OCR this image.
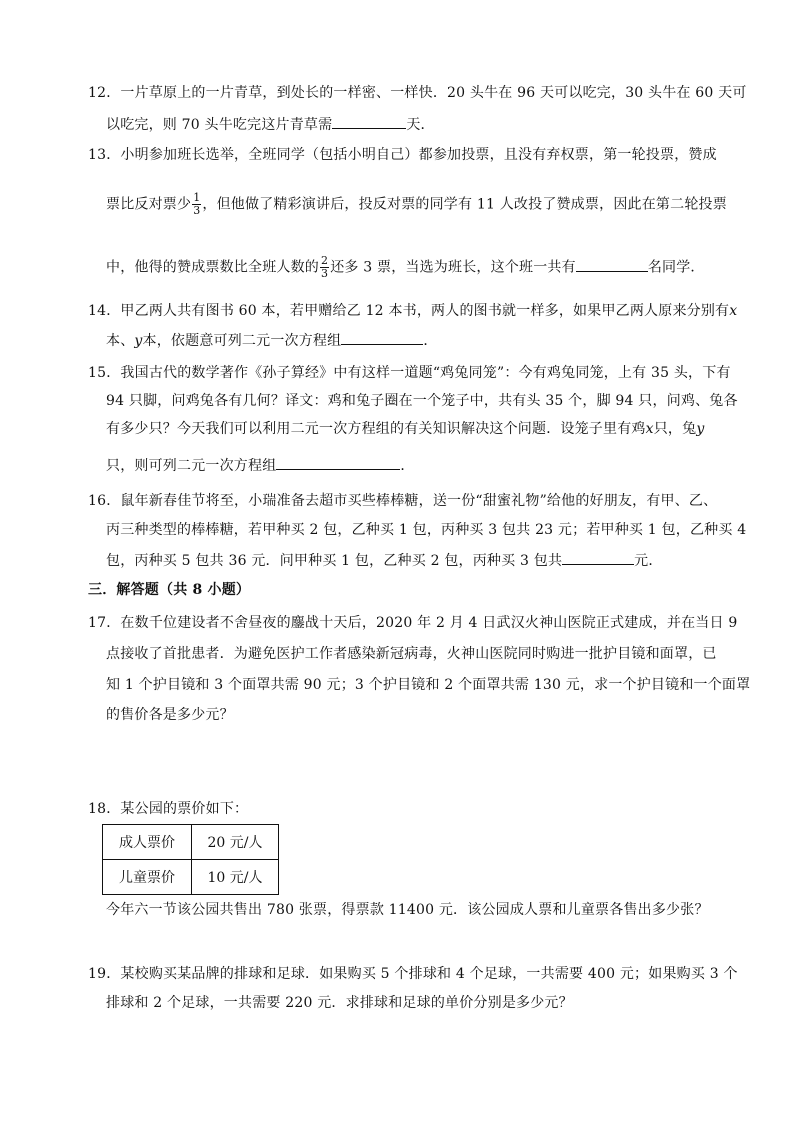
12．一片草原上的一片青草，到处长的一样密、一样快．20 头牛在 96 天可以吃完，30 头牛在 60 天可
以吃完，则 70 头牛吃完这片青草需	天．
13．小明参加班长选举，全班同学（包括小明自己）都参加投票，且没有弃权票，第一轮投票，赞成
票比反对票少 $\frac{1}{3}$ ，但他做了精彩演讲后，投反对票的同学有 11 人改投了赞成票，因此在第二轮投票
中，他得的赞成票数比全班人数的 $\frac{2}{3}$ 还多 3 票，当选为班长，这个班一共有	名同学．
14．甲乙两人共有图书 60 本，若甲赠给乙 12 本书，两人的图书就一样多，如果甲乙两人原来分别有x
本、y本，依题意可列二元一次方程组	．
15．我国古代的数学著作《孙子算经》中有这样一道题“鸡兔同笼”：今有鸡兔同笼，上有 35 头，下有
94 只脚，问鸡兔各有几何？译文：鸡和兔子圈在一个笼子中，共有头 35 个，脚 94 只，问鸡、兔各
有多少只？今天我们可以利用二元一次方程组的有关知识解决这个问题．设笼子里有鸡x只，兔y
只，则可列二元一次方程组	．
16．鼠年新春佳节将至，小瑞准备去超市买些棒棒糖，送一份“甜蜜礼物”给他的好朋友，有甲、乙、
丙三种类型的棒棒糖，若甲种买 2 包，乙种买 1 包，丙种买 3 包共 23 元；若甲种买 1 包，乙种买 4
包，丙种买 5 包共 36 元．问甲种买 1 包，乙种买 2 包，丙种买 3 包共	元．
三．解答题（共 8 小题）
17．在数千位建设者不舍昼夜的鏖战十天后，2020 年 2 月 4 日武汉火神山医院正式建成，并在当日 9
点接收了首批患者．为避免医护工作者感染新冠病毒，火神山医院同时购进一批护目镜和面罩，已
知 1 个护目镜和 3 个面罩共需 90 元；3 个护目镜和 2 个面罩共需 130 元，求一个护目镜和一个面罩
的售价各是多少元？
18．某公园的票价如下：
成人票价	20 元/人
儿童票价	10 元/人
今年六一节该公园共售出 780 张票，得票款 11400 元．该公园成人票和儿童票各售出多少张？
19．某校购买某品牌的排球和足球．如果购买 5 个排球和 4 个足球，一共需要 400 元；如果购买 3 个
排球和 2 个足球，一共需要 220 元．求排球和足球的单价分别是多少元？
